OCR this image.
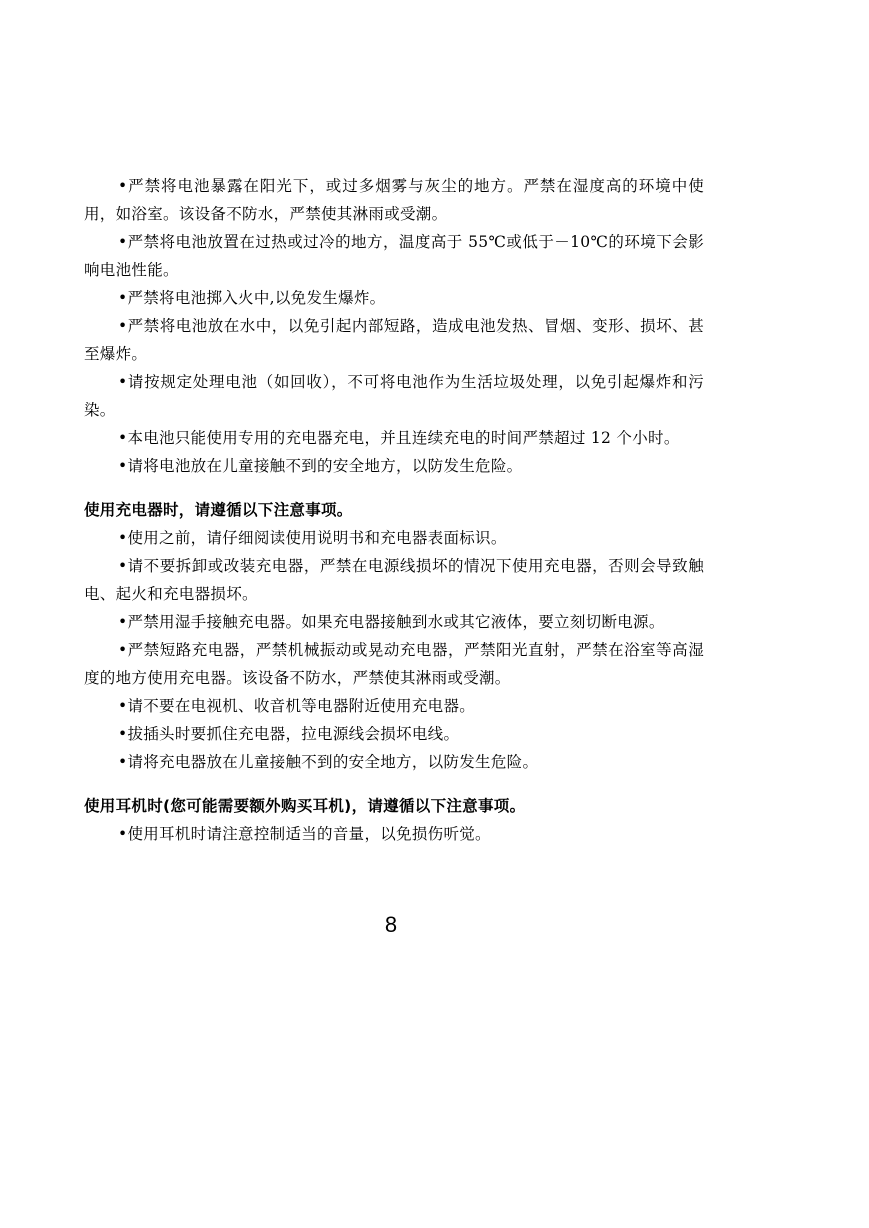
•严禁将电池暴露在阳光下，或过多烟雾与灰尘的地方。严禁在湿度高的环境中使用，如浴室。该设备不防水，严禁使其淋雨或受潮。

•严禁将电池放置在过热或过冷的地方，温度高于 55℃或低于－10℃的环境下会影响电池性能。

•严禁将电池掷入火中,以免发生爆炸。

•严禁将电池放在水中，以免引起内部短路，造成电池发热、冒烟、变形、损坏、甚至爆炸。

•请按规定处理电池（如回收），不可将电池作为生活垃圾处理，以免引起爆炸和污染。

•本电池只能使用专用的充电器充电，并且连续充电的时间严禁超过 12 个小时。

•请将电池放在儿童接触不到的安全地方，以防发生危险。

使用充电器时，请遵循以下注意事项。

•使用之前，请仔细阅读使用说明书和充电器表面标识。

•请不要拆卸或改装充电器，严禁在电源线损坏的情况下使用充电器，否则会导致触电、起火和充电器损坏。

•严禁用湿手接触充电器。如果充电器接触到水或其它液体，要立刻切断电源。

•严禁短路充电器，严禁机械振动或晃动充电器，严禁阳光直射，严禁在浴室等高湿度的地方使用充电器。该设备不防水，严禁使其淋雨或受潮。

•请不要在电视机、收音机等电器附近使用充电器。

•拔插头时要抓住充电器，拉电源线会损坏电线。

•请将充电器放在儿童接触不到的安全地方，以防发生危险。

使用耳机时(您可能需要额外购买耳机)，请遵循以下注意事项。

•使用耳机时请注意控制适当的音量，以免损伤听觉。

8
